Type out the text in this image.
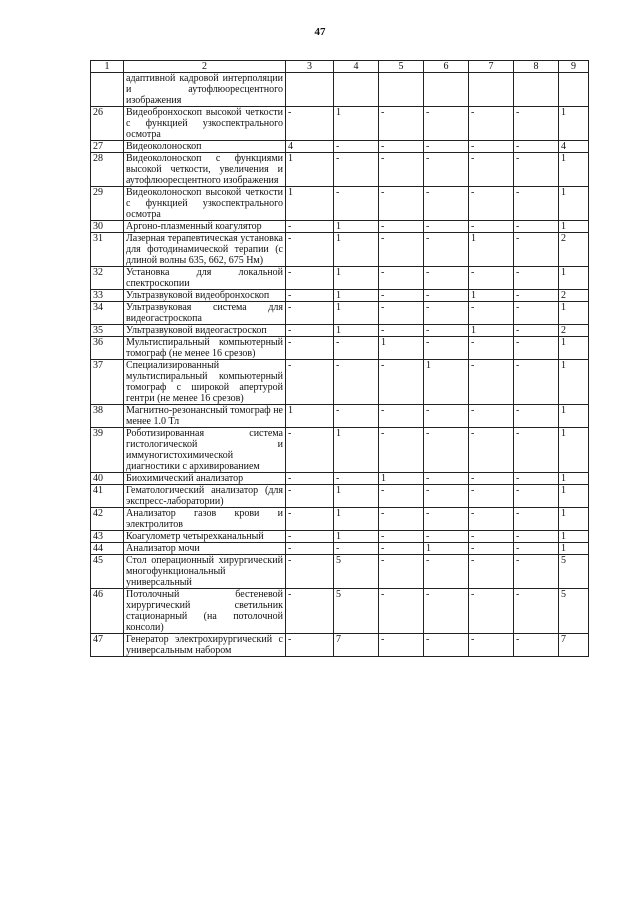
47
1	2	3	4	5	6	7	8	9
	адаптивной кадровой интерполяции и аутофлюоресцентного изображения							
26	Видеобронхоскоп высокой четкости с функцией узкоспектрального осмотра	-	1	-	-	-	-	1
27	Видеоколоноскоп	4	-	-	-	-	-	4
28	Видеоколоноскоп с функциями высокой четкости, увеличения и аутофлюоресцентного изображения	1	-	-	-	-	-	1
29	Видеоколоноскоп высокой четкости с функцией узкоспектрального осмотра	1	-	-	-	-	-	1
30	Аргоно-плазменный коагулятор	-	1	-	-	-	-	1
31	Лазерная терапевтическая установка для фотодинамической терапии (с длиной волны 635, 662, 675 Нм)	-	1	-	-	1	-	2
32	Установка для локальной спектроскопии	-	1	-	-	-	-	1
33	Ультразвуковой видеобронхоскоп	-	1	-	-	1	-	2
34	Ультразвуковая система для видеогастроскопа	-	1	-	-	-	-	1
35	Ультразвуковой видеогастроскоп	-	1	-	-	1	-	2
36	Мультиспиральный компьютерный томограф (не менее 16 срезов)	-	-	1	-	-	-	1
37	Специализированный мультиспиральный компьютерный томограф с широкой апертурой гентри (не менее 16 срезов)	-	-	-	1	-	-	1
38	Магнитно-резонансный томограф не менее 1.0 Тл	1	-	-	-	-	-	1
39	Роботизированная система гистологической и иммуногистохимической диагностики с архивированием	-	1	-	-	-	-	1
40	Биохимический анализатор	-	-	1	-	-	-	1
41	Гематологический анализатор (для экспресс-лаборатории)	-	1	-	-	-	-	1
42	Анализатор газов крови и электролитов	-	1	-	-	-	-	1
43	Коагулометр четырехканальный	-	1	-	-	-	-	1
44	Анализатор мочи	-	-	-	1	-	-	1
45	Стол операционный хирургический многофункциональный универсальный	-	5	-	-	-	-	5
46	Потолочный бестеневой хирургический светильник стационарный (на потолочной консоли)	-	5	-	-	-	-	5
47	Генератор электрохирургический с универсальным набором	-	7	-	-	-	-	7
